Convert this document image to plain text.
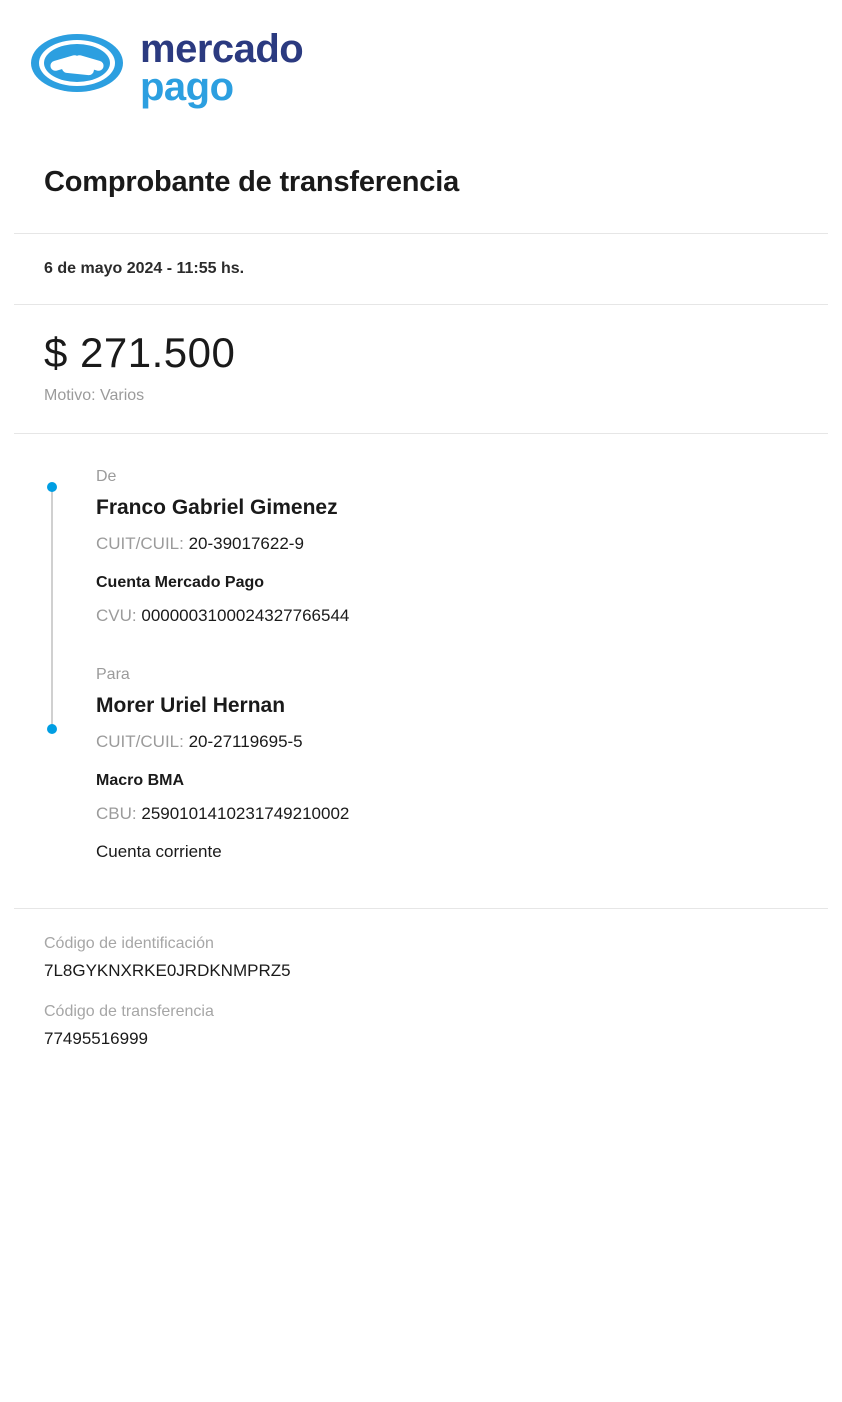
mercado
pago
Comprobante de transferencia
6 de mayo 2024 - 11:55 hs.
$ 271.500
Motivo: Varios
De
Franco Gabriel Gimenez
CUIT/CUIL: 20-39017622-9
Cuenta Mercado Pago
CVU: 0000003100024327766544
Para
Morer Uriel Hernan
CUIT/CUIL: 20-27119695-5
Macro BMA
CBU: 2590101410231749210002
Cuenta corriente
Código de identificación
7L8GYKNXRKE0JRDKNMPRZ5
Código de transferencia
77495516999
